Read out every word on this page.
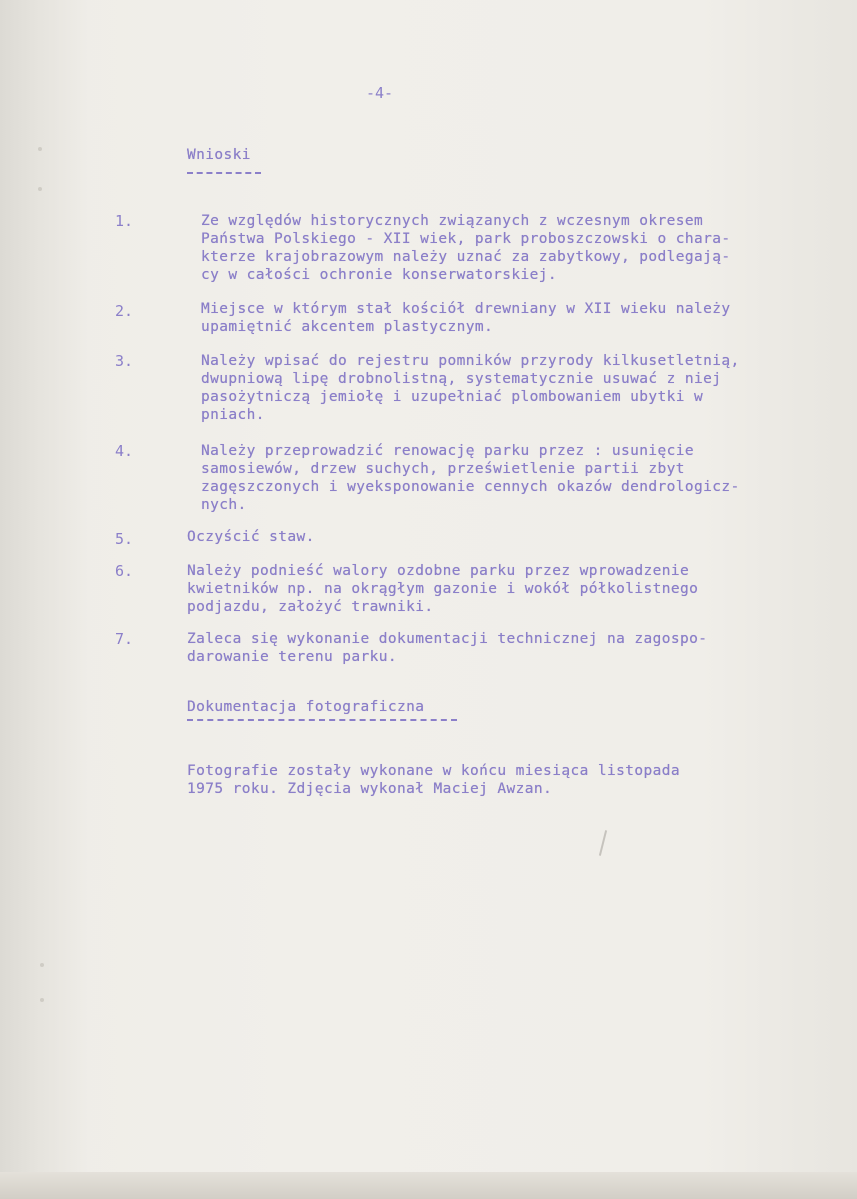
-4-
Wnioski
1.	Ze względów historycznych związanych z wczesnym okresem
Państwa Polskiego - XII wiek, park proboszczowski o chara-
kterze krajobrazowym należy uznać za zabytkowy, podlegają-
cy w całości ochronie konserwatorskiej.
2.	Miejsce w którym stał kościół drewniany w XII wieku należy
upamiętnić akcentem plastycznym.
3.	Należy wpisać do rejestru pomników przyrody kilkusetletnią,
dwupniową lipę drobnolistną, systematycznie usuwać z niej
pasożytniczą jemiołę i uzupełniać plombowaniem ubytki w
pniach.
4.	Należy przeprowadzić renowację parku przez : usunięcie
samosiewów, drzew suchych, prześwietlenie partii zbyt
zagęszczonych i wyeksponowanie cennych okazów dendrologicz-
nych.
5.	Oczyścić staw.
6.	Należy podnieść walory ozdobne parku przez wprowadzenie
kwietników np. na okrągłym gazonie i wokół półkolistnego
podjazdu, założyć trawniki.
7.	Zaleca się wykonanie dokumentacji technicznej na zagospo-
darowanie terenu parku.
Dokumentacja fotograficzna
Fotografie zostały wykonane w końcu miesiąca listopada
1975 roku. Zdjęcia wykonał Maciej Awzan.
